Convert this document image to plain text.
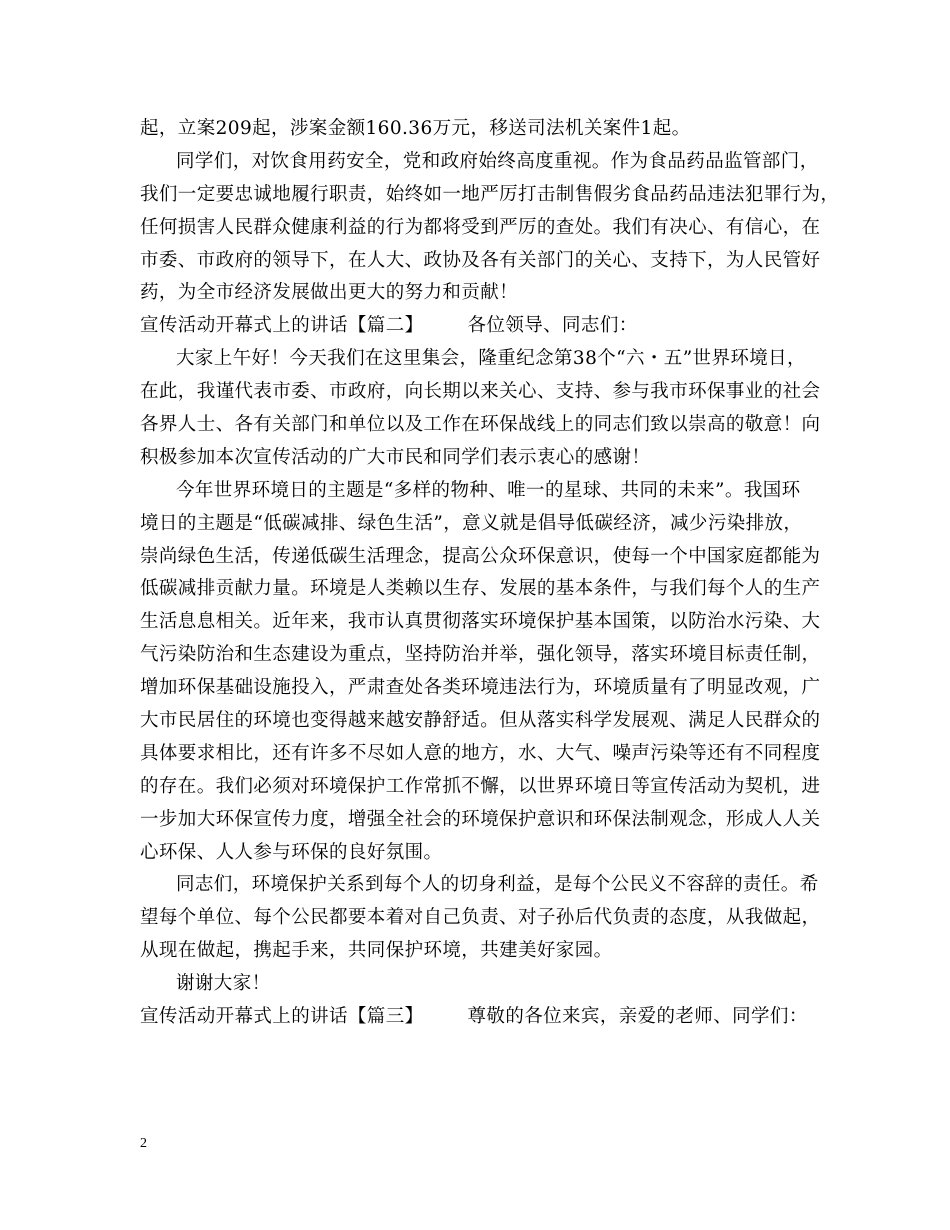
起，立案209起，涉案金额160.36万元，移送司法机关案件1起。
同学们，对饮食用药安全，党和政府始终高度重视。作为食品药品监管部门，
我们一定要忠诚地履行职责，始终如一地严厉打击制售假劣食品药品违法犯罪行为，
任何损害人民群众健康利益的行为都将受到严厉的查处。我们有决心、有信心，在
市委、市政府的领导下，在人大、政协及各有关部门的关心、支持下，为人民管好
药，为全市经济发展做出更大的努力和贡献！
宣传活动开幕式上的讲话【篇二】 各位领导、同志们：
大家上午好！今天我们在这里集会，隆重纪念第38个“六・五”世界环境日，
在此，我谨代表市委、市政府，向长期以来关心、支持、参与我市环保事业的社会
各界人士、各有关部门和单位以及工作在环保战线上的同志们致以崇高的敬意！向
积极参加本次宣传活动的广大市民和同学们表示衷心的感谢！
今年世界环境日的主题是“多样的物种、唯一的星球、共同的未来”。我国环
境日的主题是“低碳减排、绿色生活”，意义就是倡导低碳经济，减少污染排放，
崇尚绿色生活，传递低碳生活理念，提高公众环保意识，使每一个中国家庭都能为
低碳减排贡献力量。环境是人类赖以生存、发展的基本条件，与我们每个人的生产
生活息息相关。近年来，我市认真贯彻落实环境保护基本国策，以防治水污染、大
气污染防治和生态建设为重点，坚持防治并举，强化领导，落实环境目标责任制，
增加环保基础设施投入，严肃查处各类环境违法行为，环境质量有了明显改观，广
大市民居住的环境也变得越来越安静舒适。但从落实科学发展观、满足人民群众的
具体要求相比，还有许多不尽如人意的地方，水、大气、噪声污染等还有不同程度
的存在。我们必须对环境保护工作常抓不懈，以世界环境日等宣传活动为契机，进
一步加大环保宣传力度，增强全社会的环境保护意识和环保法制观念，形成人人关
心环保、人人参与环保的良好氛围。
同志们，环境保护关系到每个人的切身利益，是每个公民义不容辞的责任。希
望每个单位、每个公民都要本着对自己负责、对子孙后代负责的态度，从我做起，
从现在做起，携起手来，共同保护环境，共建美好家园。
谢谢大家！
宣传活动开幕式上的讲话【篇三】 尊敬的各位来宾，亲爱的老师、同学们：
2
